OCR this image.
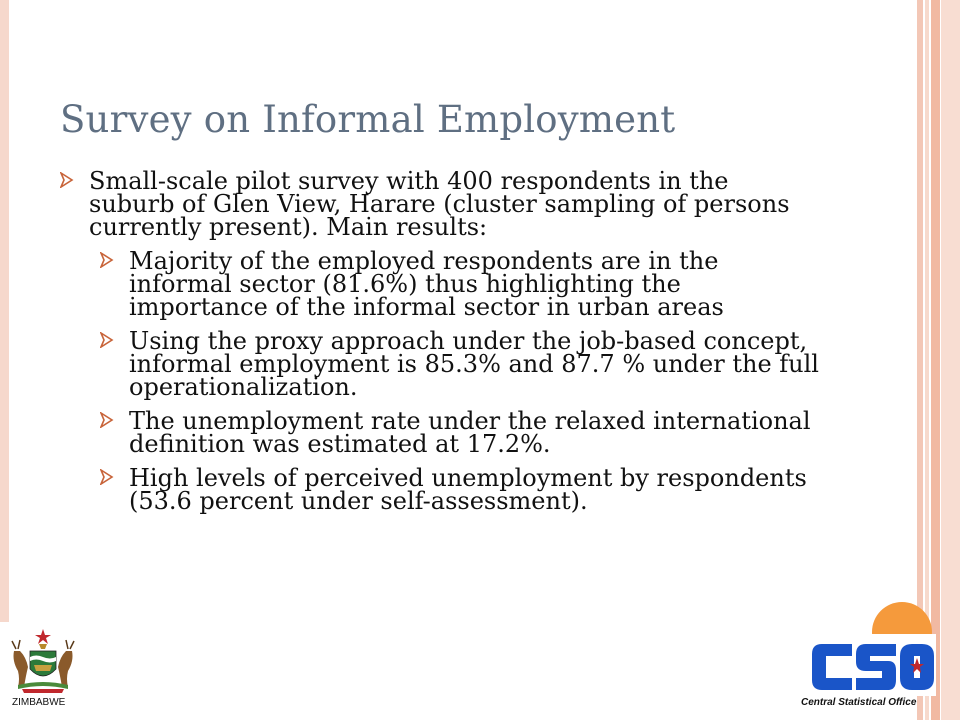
Survey on Informal Employment
Small-scale pilot survey with 400 respondents in the suburb of Glen View, Harare (cluster sampling of persons currently present). Main results:
Majority of the employed respondents are in the informal sector (81.6%) thus highlighting the importance of the informal sector in urban areas
Using the proxy approach under the job-based concept, informal employment is 85.3% and 87.7 % under the full operationalization.
The unemployment rate under the relaxed international definition was estimated at 17.2%.
High levels of perceived unemployment by respondents (53.6 percent under self-assessment).
ZIMBABWE	Central Statistical Office
